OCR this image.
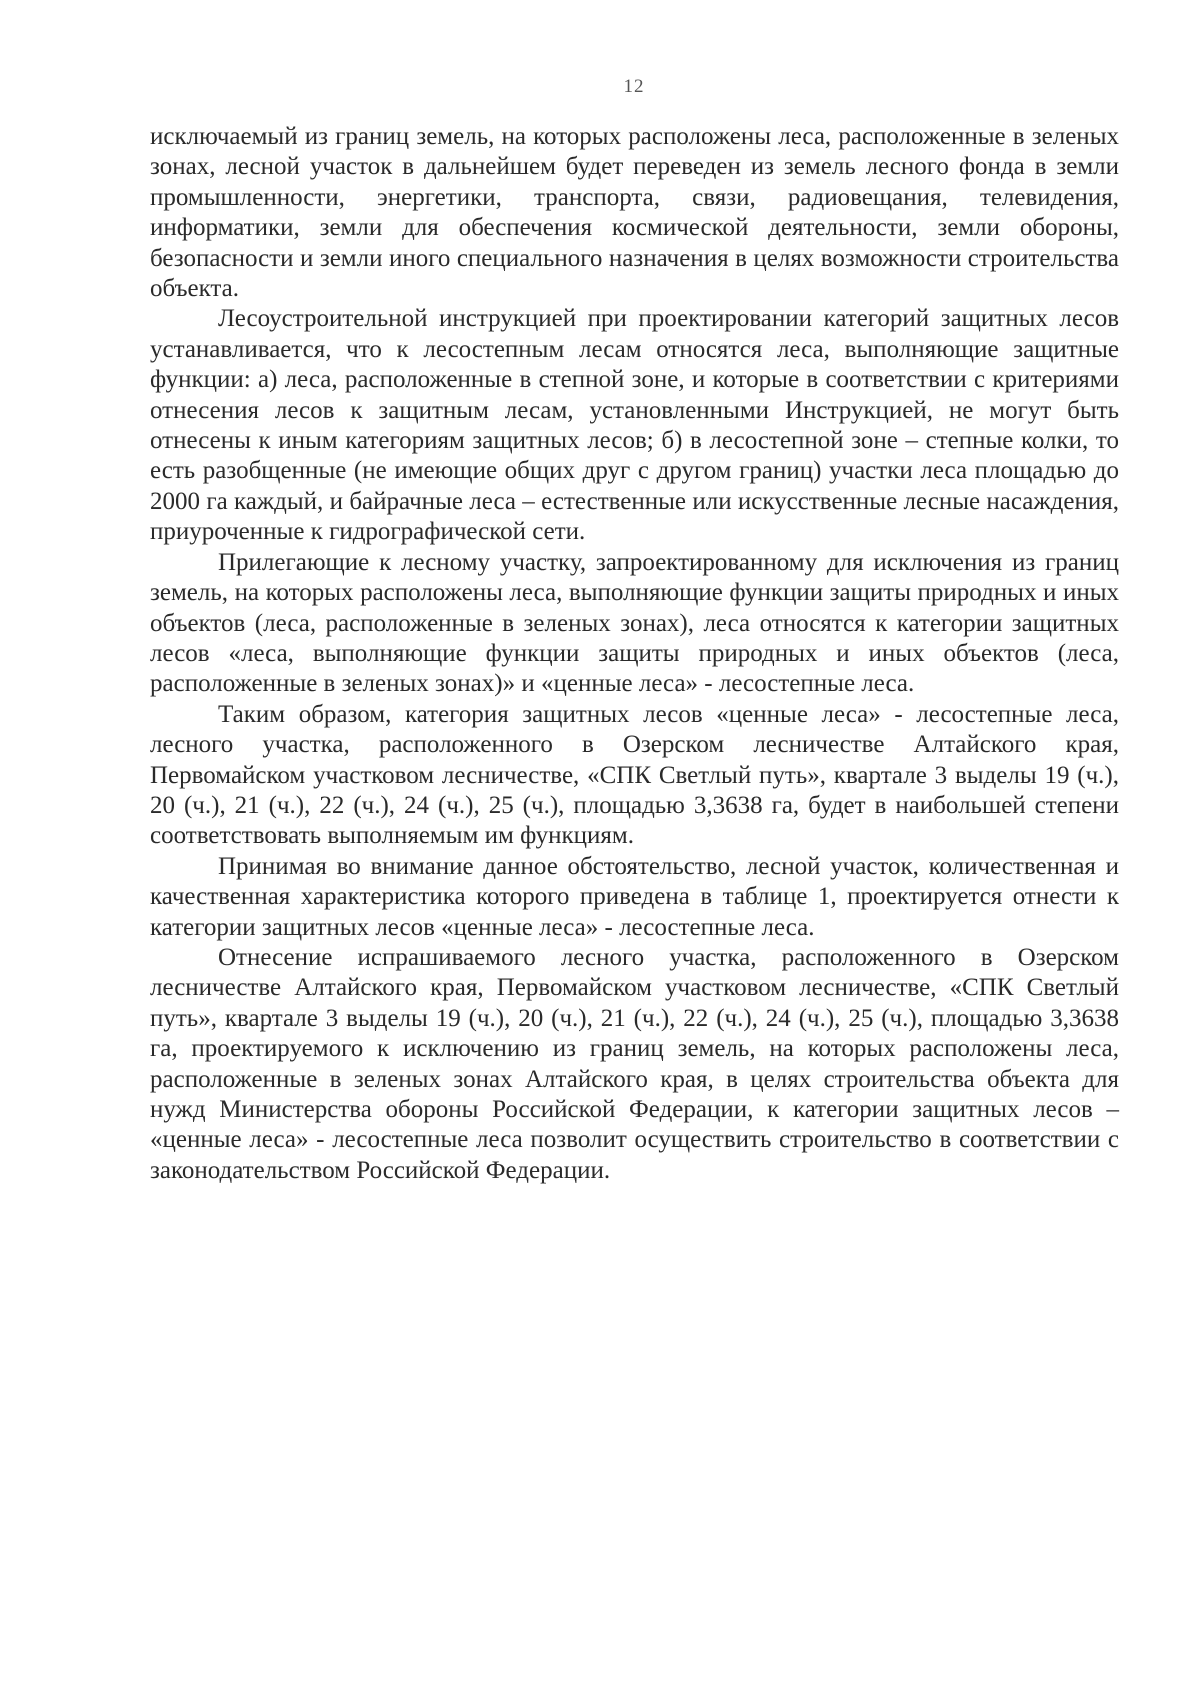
12

исключаемый из границ земель, на которых расположены леса, расположенные в зеленых зонах, лесной участок в дальнейшем будет переведен из земель лесного фонда в земли промышленности, энергетики, транспорта, связи, радиовещания, телевидения, информатики, земли для обеспечения космической деятельности, земли обороны, безопасности и земли иного специального назначения в целях возможности строительства объекта.

Лесоустроительной инструкцией при проектировании категорий защитных лесов устанавливается, что к лесостепным лесам относятся леса, выполняющие защитные функции: а) леса, расположенные в степной зоне, и которые в соответствии с критериями отнесения лесов к защитным лесам, установленными Инструкцией, не могут быть отнесены к иным категориям защитных лесов; б) в лесостепной зоне – степные колки, то есть разобщенные (не имеющие общих друг с другом границ) участки леса площадью до 2000 га каждый, и байрачные леса – естественные или искусственные лесные насаждения, приуроченные к гидрографической сети.

Прилегающие к лесному участку, запроектированному для исключения из границ земель, на которых расположены леса, выполняющие функции защиты природных и иных объектов (леса, расположенные в зеленых зонах), леса относятся к категории защитных лесов «леса, выполняющие функции защиты природных и иных объектов (леса, расположенные в зеленых зонах)» и «ценные леса» - лесостепные леса.

Таким образом, категория защитных лесов «ценные леса» - лесостепные леса, лесного участка, расположенного в Озерском лесничестве Алтайского края, Первомайском участковом лесничестве, «СПК Светлый путь», квартале 3 выделы 19 (ч.), 20 (ч.), 21 (ч.), 22 (ч.), 24 (ч.), 25 (ч.), площадью 3,3638 га, будет в наибольшей степени соответствовать выполняемым им функциям.

Принимая во внимание данное обстоятельство, лесной участок, количественная и качественная характеристика которого приведена в таблице 1, проектируется отнести к категории защитных лесов «ценные леса» - лесостепные леса.

Отнесение испрашиваемого лесного участка, расположенного в Озерском лесничестве Алтайского края, Первомайском участковом лесничестве, «СПК Светлый путь», квартале 3 выделы 19 (ч.), 20 (ч.), 21 (ч.), 22 (ч.), 24 (ч.), 25 (ч.), площадью 3,3638 га, проектируемого к исключению из границ земель, на которых расположены леса, расположенные в зеленых зонах Алтайского края, в целях строительства объекта для нужд Министерства обороны Российской Федерации, к категории защитных лесов – «ценные леса» - лесостепные леса позволит осуществить строительство в соответствии с законодательством Российской Федерации.
